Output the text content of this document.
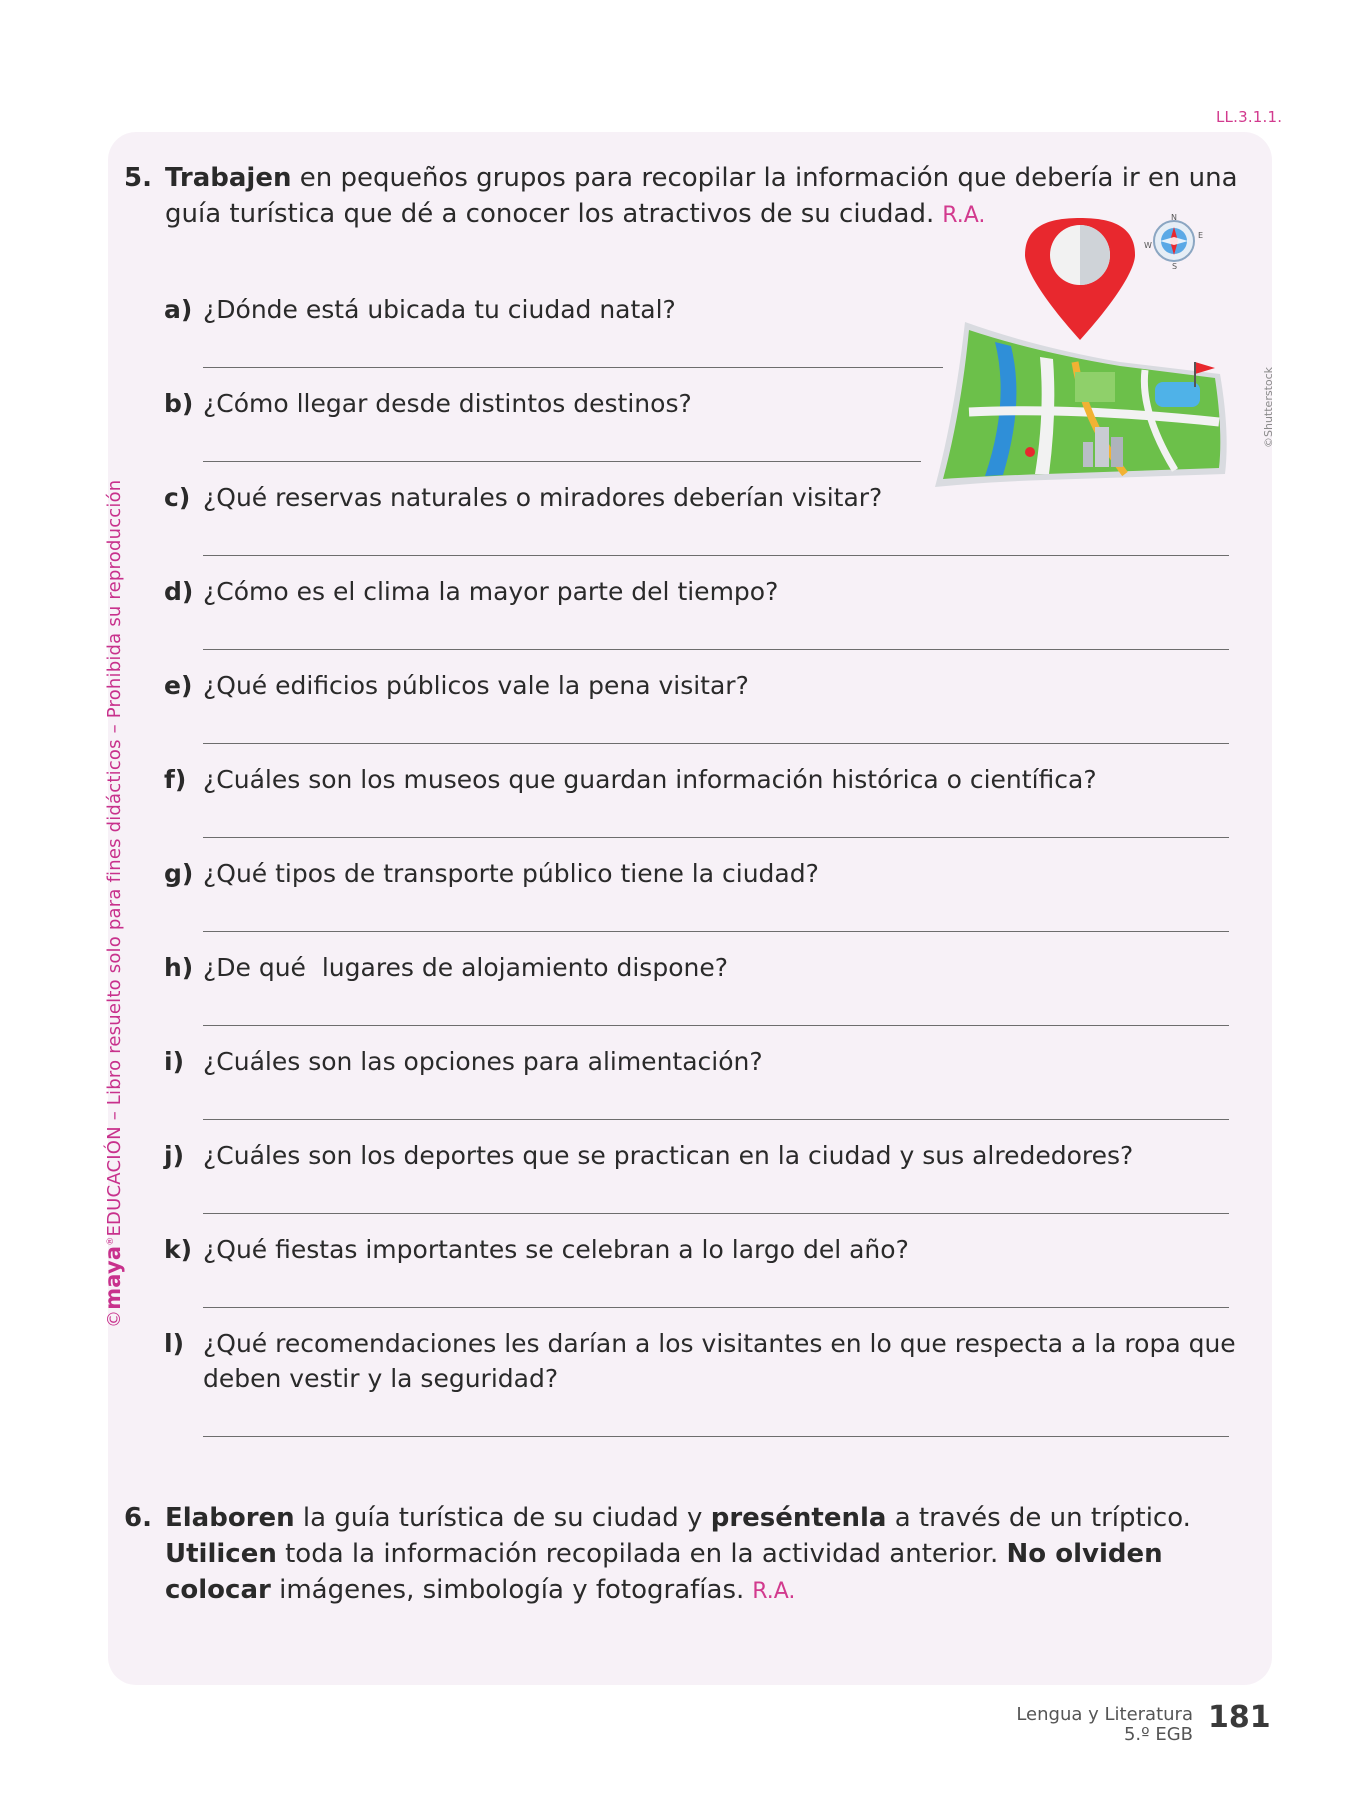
LL.3.1.1.
©maya®EDUCACIÓN – Libro resuelto solo para fines didácticos – Prohibida su reproducción
5. Trabajen en pequeños grupos para recopilar la información que debería ir en una guía turística que dé a conocer los atractivos de su ciudad. R.A.
a) ¿Dónde está ubicada tu ciudad natal?
b) ¿Cómo llegar desde distintos destinos?
c) ¿Qué reservas naturales o miradores deberían visitar?
d) ¿Cómo es el clima la mayor parte del tiempo?
e) ¿Qué edificios públicos vale la pena visitar?
f) ¿Cuáles son los museos que guardan información histórica o científica?
g) ¿Qué tipos de transporte público tiene la ciudad?
h) ¿De qué  lugares de alojamiento dispone?
i) ¿Cuáles son las opciones para alimentación?
j) ¿Cuáles son los deportes que se practican en la ciudad y sus alrededores?
k) ¿Qué fiestas importantes se celebran a lo largo del año?
l) ¿Qué recomendaciones les darían a los visitantes en lo que respecta a la ropa que deben vestir y la seguridad?
N
S
E
W
©Shutterstock
6. Elaboren la guía turística de su ciudad y preséntenla a través de un tríptico. Utilicen toda la información recopilada en la actividad anterior. No olviden colocar imágenes, simbología y fotografías. R.A.
Lengua y Literatura
5.º EGB 181
